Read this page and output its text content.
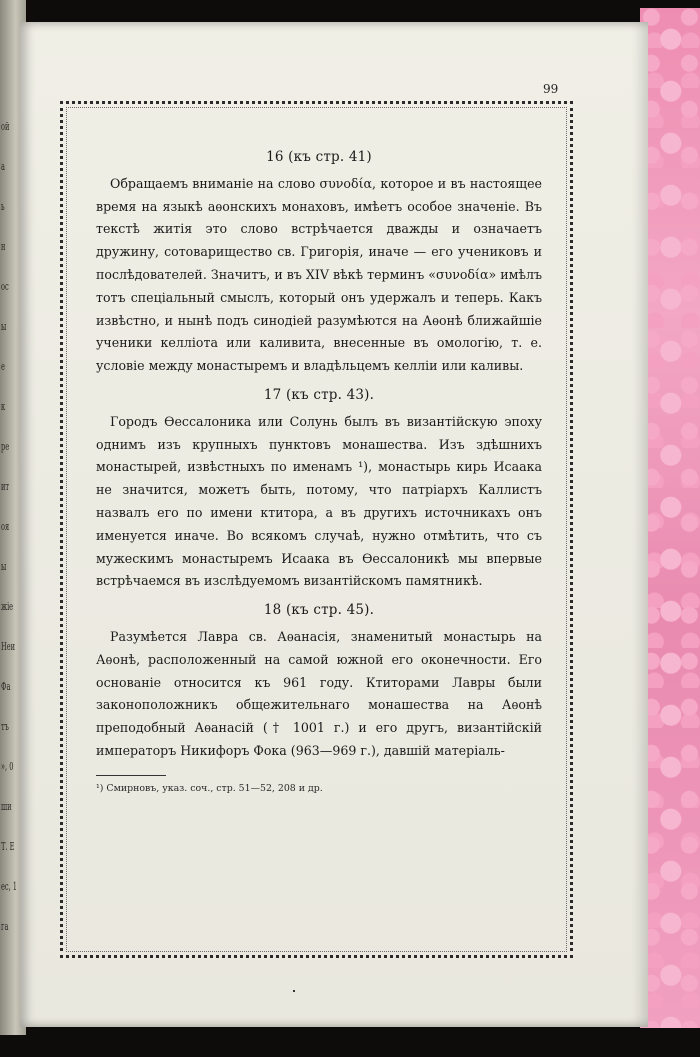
ой
а
ь
н
ос
ы
е
к
ре
ит
оя
ы
жіе
Неи
Фа
тъ
», 0
ши
Т. Е
ес, 1
га
99
16 (къ стр. 41)

Обращаемъ вниманіе на слово συνοδία, которое и въ настоящее время на языкѣ аѳонскихъ монаховъ, имѣетъ особое значеніе. Въ текстѣ житія это слово встрѣчается дважды и означаетъ дружину, сотоварищество св. Григорія, иначе — его учениковъ и послѣдователей. Значитъ, и въ XIV вѣкѣ терминъ «συνοδία» имѣлъ тотъ спеціальный смыслъ, который онъ удержалъ и теперь. Какъ извѣстно, и нынѣ подъ синодіей разумѣются на Аѳонѣ ближайшіе ученики келліота или каливита, внесенные въ омологію, т. е. условіе между монастыремъ и владѣльцемъ келліи или каливы.

17 (къ стр. 43).

Городъ Ѳессалоника или Солунь былъ въ византійскую эпоху однимъ изъ крупныхъ пунктовъ монашества. Изъ здѣшнихъ монастырей, извѣстныхъ по именамъ ¹), монастырь кирь Исаака не значится, можетъ быть, потому, что патріархъ Каллистъ назвалъ его по имени ктитора, а въ другихъ источникахъ онъ именуется иначе. Во всякомъ случаѣ, нужно отмѣтить, что съ мужескимъ монастыремъ Исаака въ Ѳессалоникѣ мы впервые встрѣчаемся въ изслѣдуемомъ византійскомъ памятникѣ.

18 (къ стр. 45).

Разумѣется Лавра св. Аѳанасія, знаменитый монастырь на Аѳонѣ, расположенный на самой южной его оконечности. Его основаніе относится къ 961 году. Ктиторами Лавры были законоположникъ общежительнаго монашества на Аѳонѣ преподобный Аѳанасій († 1001 г.) и его другъ, византійскій императоръ Никифоръ Фока (963—969 г.), давшій матеріаль-

¹) Смирновъ, указ. соч., стр. 51—52, 208 и др.
